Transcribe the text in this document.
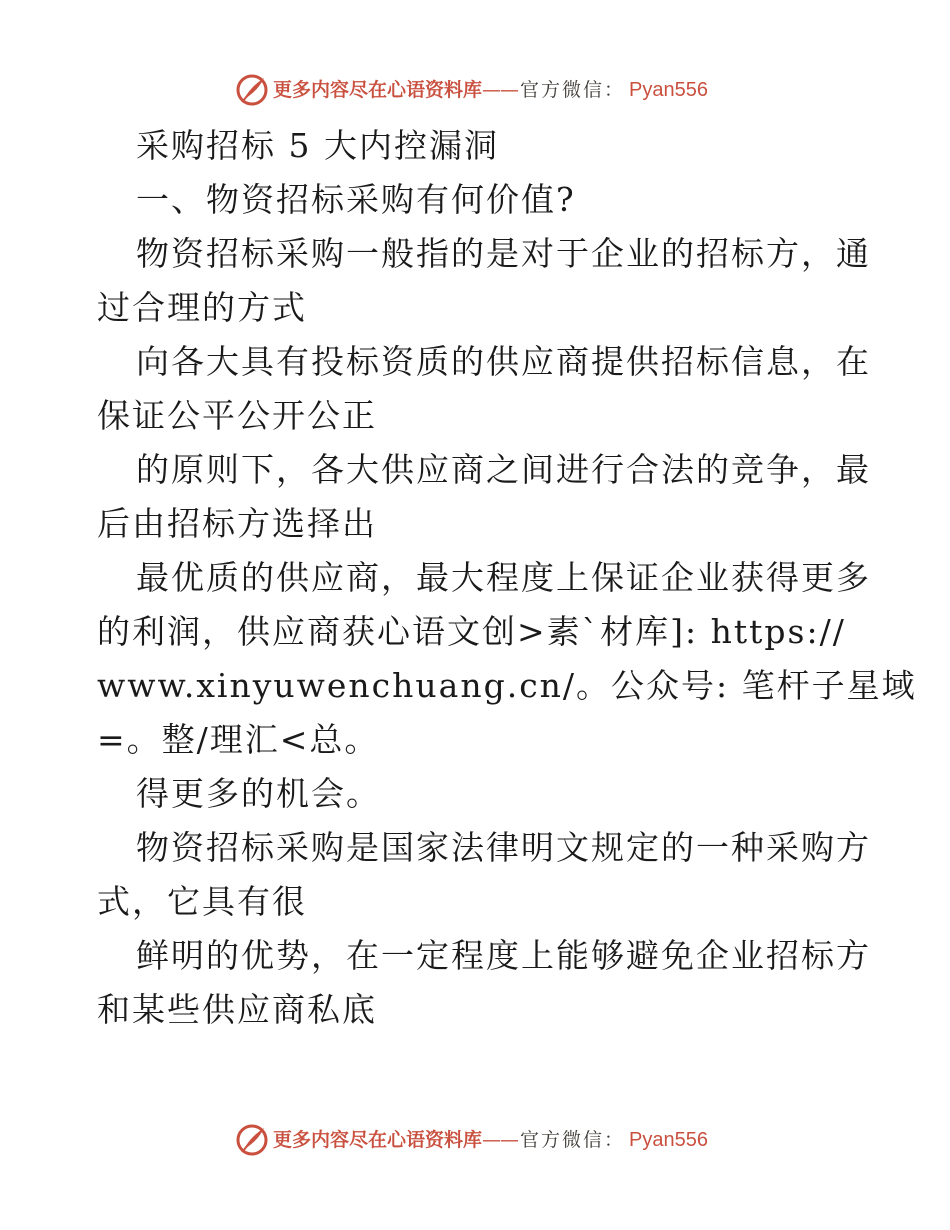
更多内容尽在心语资料库 —— 官方微信： Pyan556
采购招标 5 大内控漏洞
一、物资招标采购有何价值?
物资招标采购一般指的是对于企业的招标方，通
过合理的方式
向各大具有投标资质的供应商提供招标信息，在
保证公平公开公正
的原则下，各大供应商之间进行合法的竞争，最
后由招标方选择出
最优质的供应商，最大程度上保证企业获得更多
的利润，供应商获心语文创>素`材库]: https://
www.xinyuwenchuang.cn/。公众号: 笔杆子星域
=。整/理汇<总。
得更多的机会。
物资招标采购是国家法律明文规定的一种采购方
式，它具有很
鲜明的优势，在一定程度上能够避免企业招标方
和某些供应商私底
更多内容尽在心语资料库 —— 官方微信： Pyan556
